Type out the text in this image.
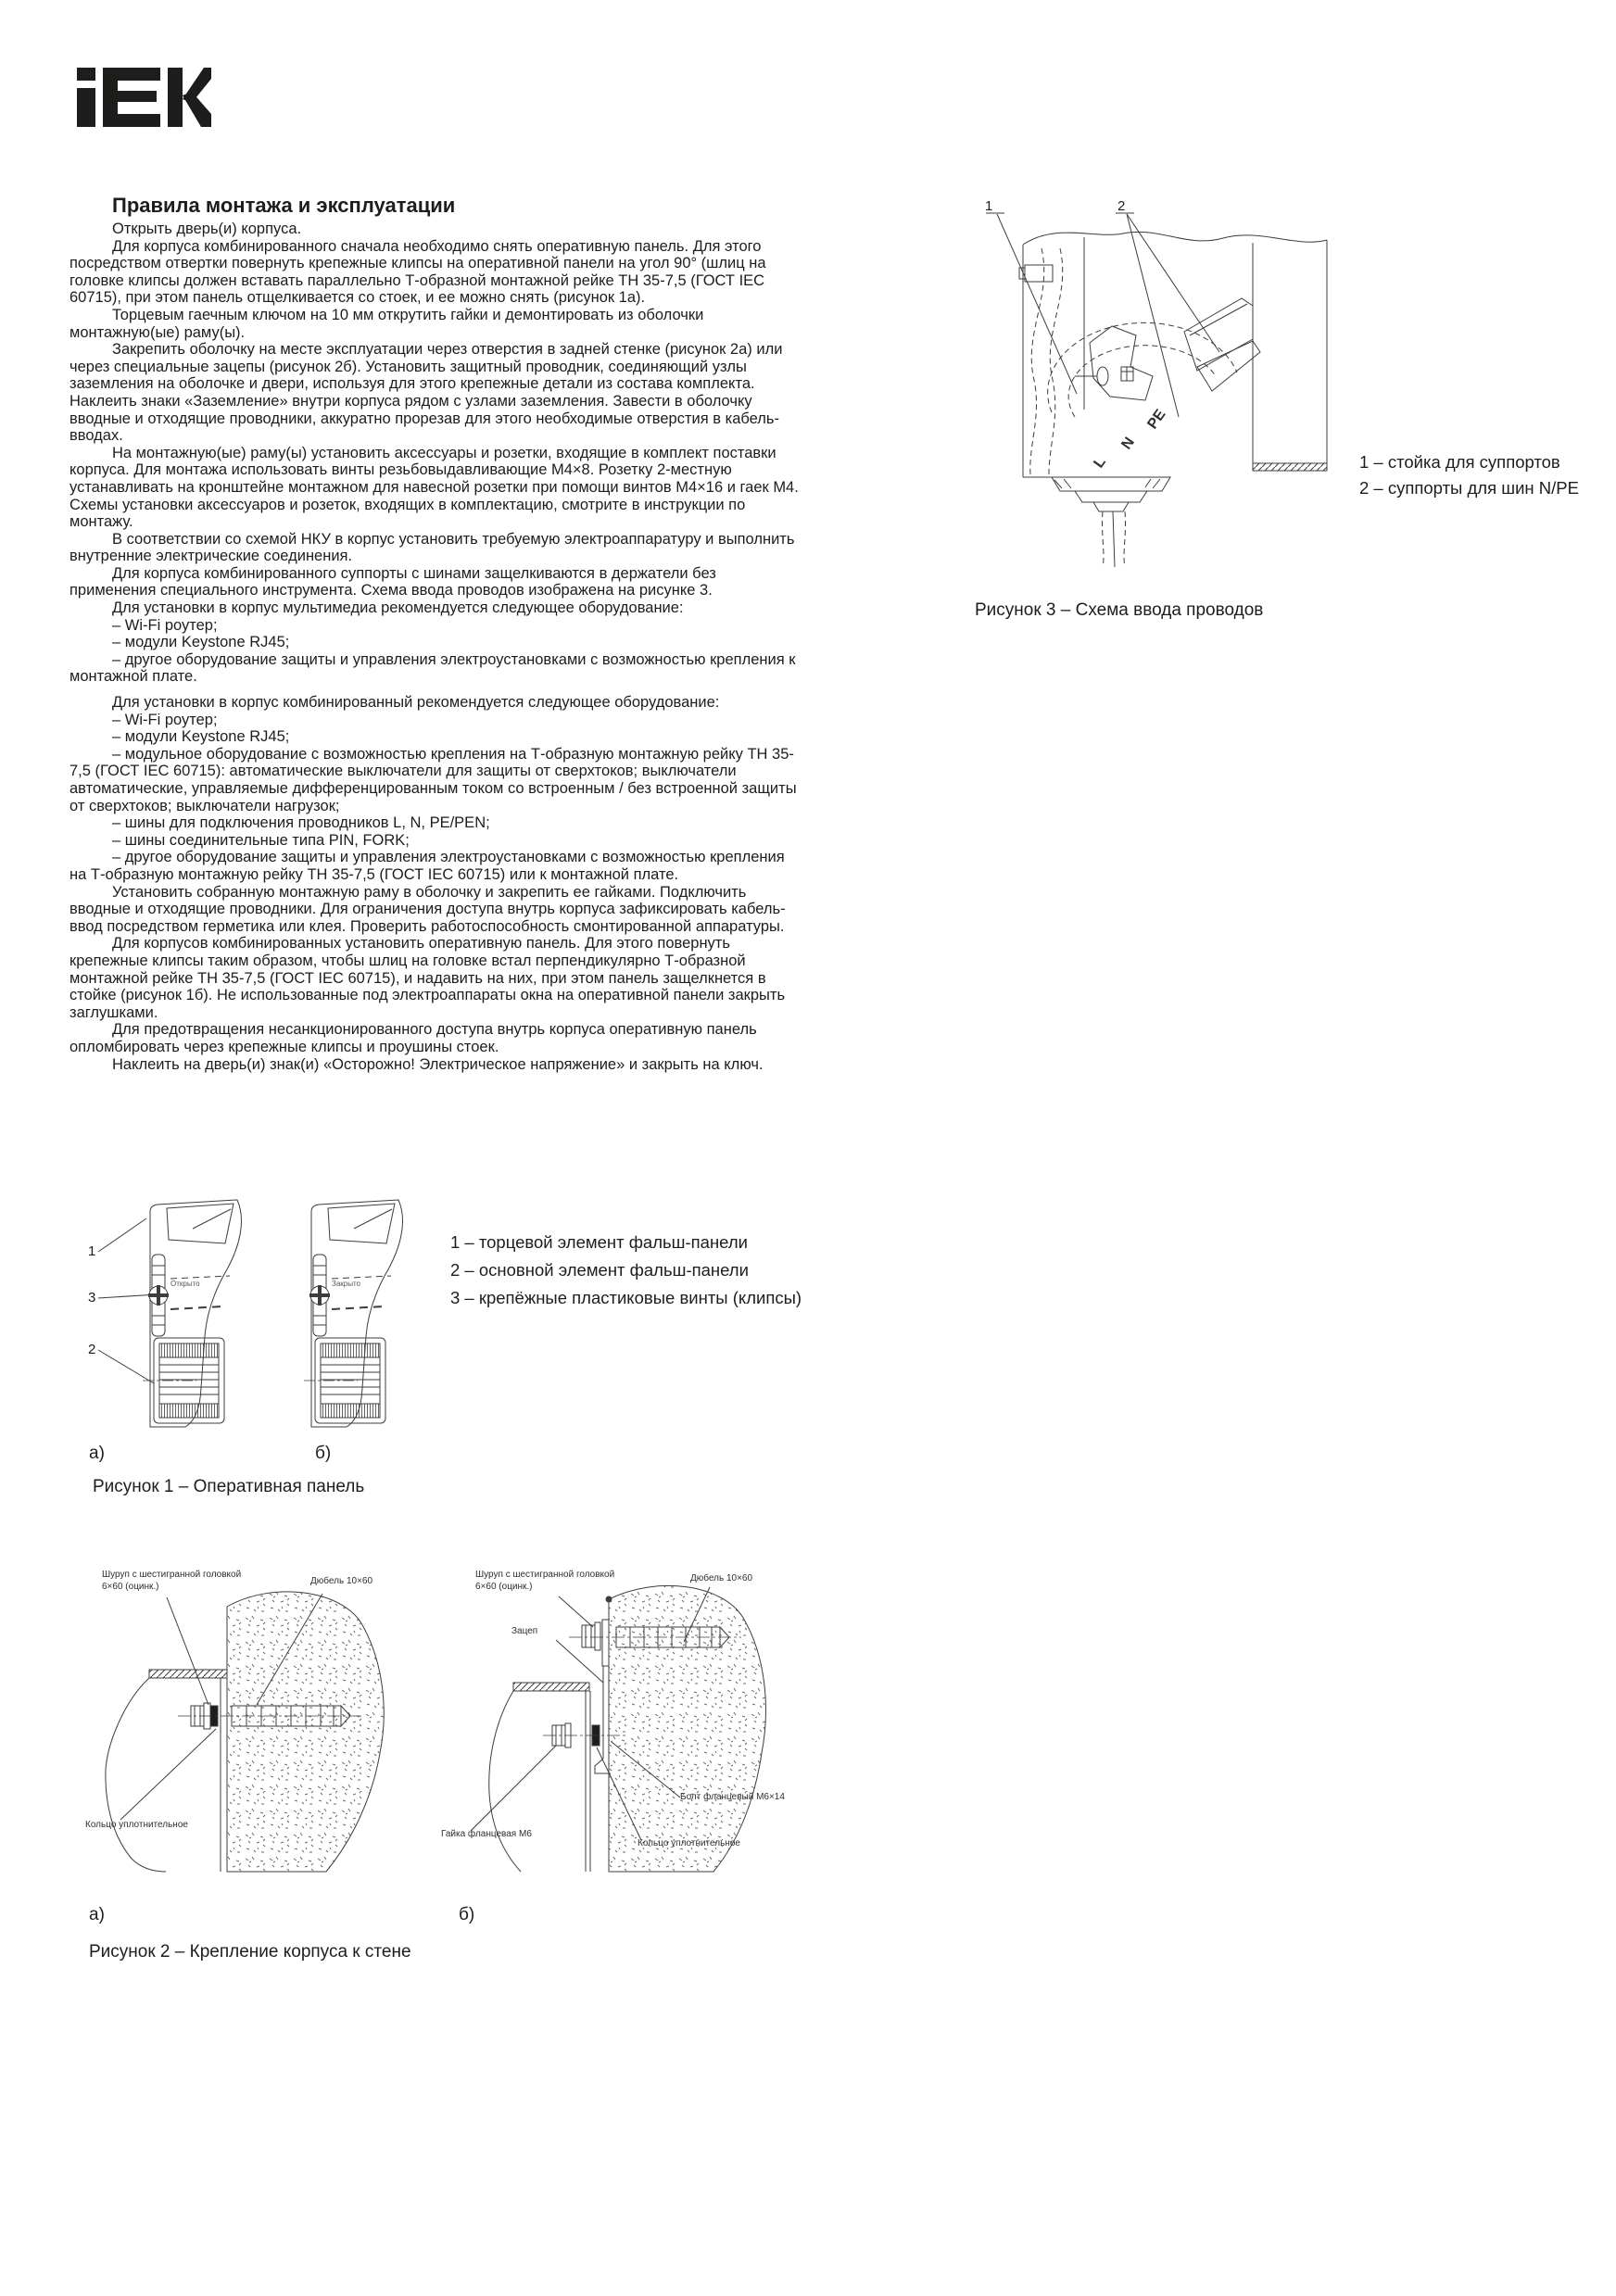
Правила монтажа и эксплуатации

Открыть дверь(и) корпуса.

Для корпуса комбинированного сначала необходимо снять оперативную панель. Для этого посредством отвертки повернуть крепежные клипсы на оперативной панели на угол 90° (шлиц на головке клипсы должен вставать параллельно Т-образной монтажной рейке ТН 35-7,5 (ГОСТ IEC 60715), при этом панель отщелкивается со стоек, и ее можно снять (рисунок 1а).

Торцевым гаечным ключом на 10 мм открутить гайки и демонтировать из оболочки монтажную(ые) раму(ы).

Закрепить оболочку на месте эксплуатации через отверстия в задней стенке (рисунок 2а) или через специальные зацепы (рисунок 2б). Установить защитный проводник, соединяющий узлы заземления на оболочке и двери, используя для этого крепежные детали из состава комплекта. Наклеить знаки «Заземление» внутри корпуса рядом с узлами заземления. Завести в оболочку вводные и отходящие проводники, аккуратно прорезав для этого необходимые отверстия в кабель-вводах.

На монтажную(ые) раму(ы) установить аксессуары и розетки, входящие в комплект поставки корпуса. Для монтажа использовать винты резьбовыдавливающие М4×8. Розетку 2-местную устанавливать на кронштейне монтажном для навесной розетки при помощи винтов М4×16 и гаек М4. Схемы установки аксессуаров и розеток, входящих в комплектацию, смотрите в инструкции по монтажу.

В соответствии со схемой НКУ в корпус установить требуемую электроаппаратуру и выполнить внутренние электрические соединения.

Для корпуса комбинированного суппорты с шинами защелкиваются в держатели без применения специального инструмента. Схема ввода проводов изображена на рисунке 3.

Для установки в корпус мультимедиа рекомендуется следующее оборудование:

– Wi-Fi роутер;

– модули Keystone RJ45;

– другое оборудование защиты и управления электроустановками с возможностью крепления к монтажной плате.

Для установки в корпус комбинированный рекомендуется следующее оборудование:

– Wi-Fi роутер;

– модули Keystone RJ45;

– модульное оборудование с возможностью крепления на Т-образную монтажную рейку ТН 35-7,5 (ГОСТ IEC 60715): автоматические выключатели для защиты от сверхтоков; выключатели автоматические, управляемые дифференцированным током со встроенным / без встроенной защиты от сверхтоков; выключатели нагрузок;

– шины для подключения проводников L, N, PE/PEN;

– шины соединительные типа PIN, FORK;

– другое оборудование защиты и управления электроустановками с возможностью крепления на Т-образную монтажную рейку ТН 35-7,5 (ГОСТ IEC 60715) или к монтажной плате.

Установить собранную монтажную раму в оболочку и закрепить ее гайками. Подключить вводные и отходящие проводники. Для ограничения доступа внутрь корпуса зафиксировать кабель-ввод посредством герметика или клея. Проверить работоспособность смонтированной аппаратуры.

Для корпусов комбинированных установить оперативную панель. Для этого повернуть крепежные клипсы таким образом, чтобы шлиц на головке встал перпендикулярно Т-образной монтажной рейке ТН 35-7,5 (ГОСТ IEC 60715), и надавить на них, при этом панель защелкнется в стойке (рисунок 1б). Не использованные под электроаппараты окна на оперативной панели закрыть заглушками.

Для предотвращения несанкционированного доступа внутрь корпуса оперативную панель опломбировать через крепежные клипсы и проушины стоек.

Наклеить на дверь(и) знак(и) «Осторожно! Электрическое напряжение» и закрыть на ключ.

1	2
L
N
PE
1 – стойка для суппортов
2 – суппорты для шин N/PE
Рисунок 3 – Схема ввода проводов
1
3
2
Открыто	Закрыто
1 – торцевой элемент фальш-панели
2 – основной элемент фальш-панели
3 – крепёжные пластиковые винты (клипсы)
а)	б)
Рисунок 1 – Оперативная панель
Шуруп с шестигранной головкой 6×60 (оцинк.)	Дюбель 10×60
Кольцо уплотнительное
Шуруп с шестигранной головкой 6×60 (оцинк.)
Дюбель 10×60
Зацеп
Гайка фланцевая М6
Болт фланцевый М6×14
Кольцо уплотнительное
а)	б)
Рисунок 2 – Крепление корпуса к стене
